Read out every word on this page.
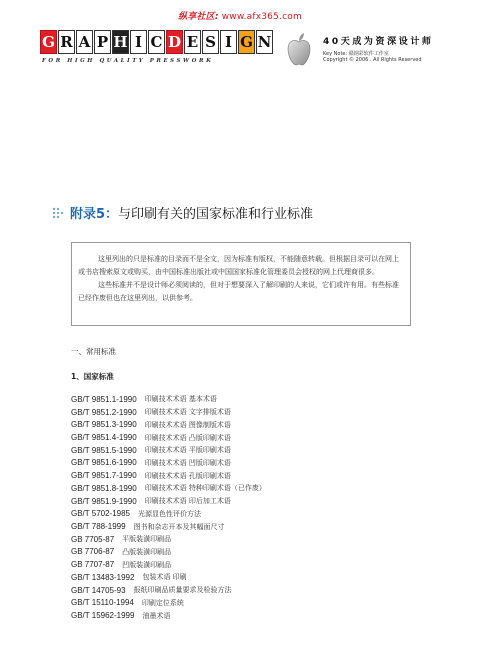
纵享社区: www.afx365.com
G R A P H I C D E S I G N
FOR HIGH QUALITY PRESSWORK
40天成为资深设计师
Key Note: 赣钢彩软件工作室
Copyright © 2006 . All Rights Reserved
附录5： 与印刷有关的国家标准和行业标准

这里列出的只是标准的目录而不是全文，因为标准有版权，不能随意转载。但根据目录可以在网上或书店搜索原文或购买，由中国标准出版社或中国国家标准化管理委员会授权的网上代理商很多。

这些标准并不是设计师必须阅读的，但对于想要深入了解印刷的人来说，它们或许有用。有些标准已经作废但也在这里列出，以供参考。

一、常用标准
1、国家标准
GB/T 9851.1-1990 印刷技术术语 基本术语
GB/T 9851.2-1990 印刷技术术语 文字排版术语
GB/T 9851.3-1990 印刷技术术语 图像制版术语
GB/T 9851.4-1990 印刷技术术语 凸版印刷术语
GB/T 9851.5-1990 印刷技术术语 平版印刷术语
GB/T 9851.6-1990 印刷技术术语 凹版印刷术语
GB/T 9851.7-1990 印刷技术术语 孔版印刷术语
GB/T 9851.8-1990 印刷技术术语 特种印刷术语（已作废）
GB/T 9851.9-1990 印刷技术术语 印后加工术语
GB/T 5702-1985 光源显色性评价方法
GB/T 788-1999 图书和杂志开本及其幅面尺寸
GB 7705-87 平版装潢印刷品
GB 7706-87 凸版装潢印刷品
GB 7707-87 凹版装潢印刷品
GB/T 13483-1992 包装术语 印刷
GB/T 14705-93 报纸印刷品质量要求及检验方法
GB/T 15110-1994 印刷定位系统
GB/T 15962-1999 油墨术语
